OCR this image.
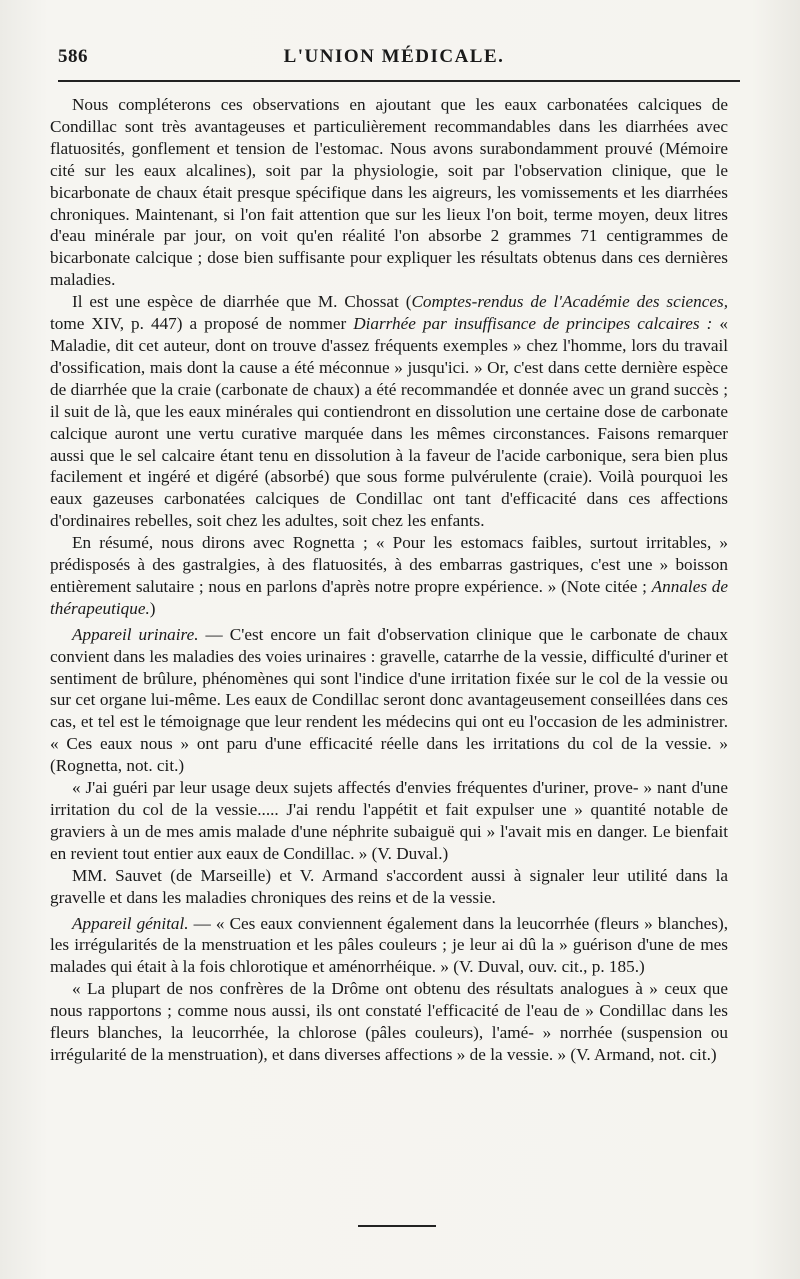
586	L'UNION MÉDICALE.

Nous compléterons ces observations en ajoutant que les eaux carbonatées calciques de Condillac sont très avantageuses et particulièrement recommandables dans les diarrhées avec flatuosités, gonflement et tension de l'estomac. Nous avons surabondamment prouvé (Mémoire cité sur les eaux alcalines), soit par la physiologie, soit par l'observation clinique, que le bicarbonate de chaux était presque spécifique dans les aigreurs, les vomissements et les diarrhées chroniques. Maintenant, si l'on fait attention que sur les lieux l'on boit, terme moyen, deux litres d'eau minérale par jour, on voit qu'en réalité l'on absorbe 2 grammes 71 centigrammes de bicarbonate calcique ; dose bien suffisante pour expliquer les résultats obtenus dans ces dernières maladies.

Il est une espèce de diarrhée que M. Chossat (Comptes-rendus de l'Académie des sciences, tome XIV, p. 447) a proposé de nommer Diarrhée par insuffisance de principes calcaires : « Maladie, dit cet auteur, dont on trouve d'assez fréquents exemples » chez l'homme, lors du travail d'ossification, mais dont la cause a été méconnue » jusqu'ici. » Or, c'est dans cette dernière espèce de diarrhée que la craie (carbonate de chaux) a été recommandée et donnée avec un grand succès ; il suit de là, que les eaux minérales qui contiendront en dissolution une certaine dose de carbonate calcique auront une vertu curative marquée dans les mêmes circonstances. Faisons remarquer aussi que le sel calcaire étant tenu en dissolution à la faveur de l'acide carbonique, sera bien plus facilement et ingéré et digéré (absorbé) que sous forme pulvérulente (craie). Voilà pourquoi les eaux gazeuses carbonatées calciques de Condillac ont tant d'efficacité dans ces affections d'ordinaires rebelles, soit chez les adultes, soit chez les enfants.

En résumé, nous dirons avec Rognetta ; « Pour les estomacs faibles, surtout irritables, » prédisposés à des gastralgies, à des flatuosités, à des embarras gastriques, c'est une » boisson entièrement salutaire ; nous en parlons d'après notre propre expérience. » (Note citée ; Annales de thérapeutique.)

Appareil urinaire. — C'est encore un fait d'observation clinique que le carbonate de chaux convient dans les maladies des voies urinaires : gravelle, catarrhe de la vessie, difficulté d'uriner et sentiment de brûlure, phénomènes qui sont l'indice d'une irritation fixée sur le col de la vessie ou sur cet organe lui-même. Les eaux de Condillac seront donc avantageusement conseillées dans ces cas, et tel est le témoignage que leur rendent les médecins qui ont eu l'occasion de les administrer. « Ces eaux nous » ont paru d'une efficacité réelle dans les irritations du col de la vessie. » (Rognetta, not. cit.)

« J'ai guéri par leur usage deux sujets affectés d'envies fréquentes d'uriner, prove- » nant d'une irritation du col de la vessie..... J'ai rendu l'appétit et fait expulser une » quantité notable de graviers à un de mes amis malade d'une néphrite subaiguë qui » l'avait mis en danger. Le bienfait en revient tout entier aux eaux de Condillac. » (V. Duval.)

MM. Sauvet (de Marseille) et V. Armand s'accordent aussi à signaler leur utilité dans la gravelle et dans les maladies chroniques des reins et de la vessie.

Appareil génital. — « Ces eaux conviennent également dans la leucorrhée (fleurs » blanches), les irrégularités de la menstruation et les pâles couleurs ; je leur ai dû la » guérison d'une de mes malades qui était à la fois chlorotique et aménorrhéique. » (V. Duval, ouv. cit., p. 185.)

« La plupart de nos confrères de la Drôme ont obtenu des résultats analogues à » ceux que nous rapportons ; comme nous aussi, ils ont constaté l'efficacité de l'eau de » Condillac dans les fleurs blanches, la leucorrhée, la chlorose (pâles couleurs), l'amé- » norrhée (suspension ou irrégularité de la menstruation), et dans diverses affections » de la vessie. » (V. Armand, not. cit.)
